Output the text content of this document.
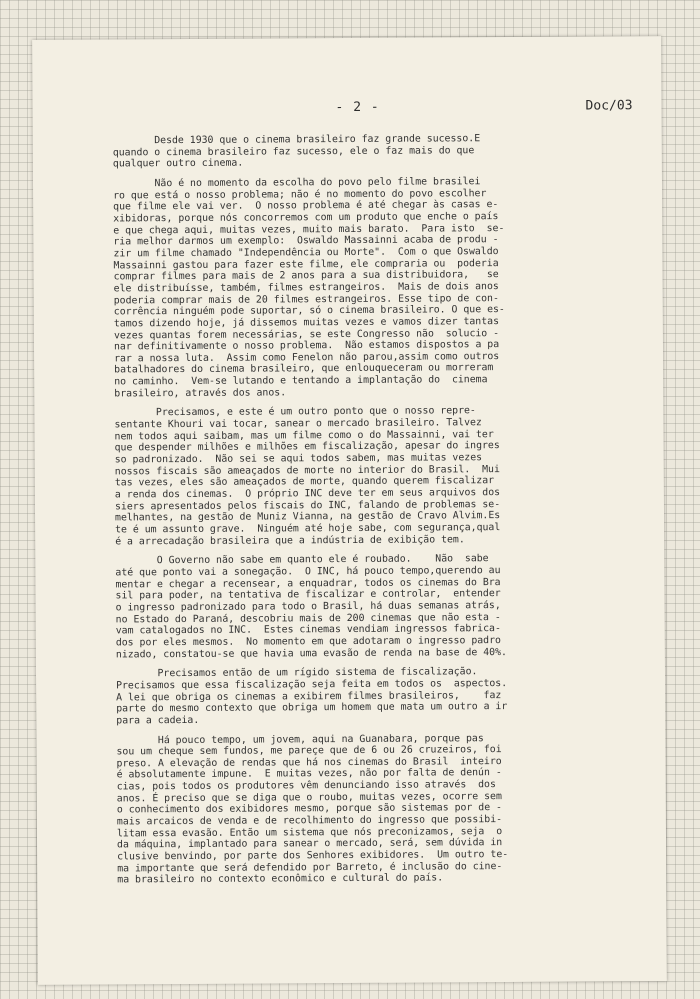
- 2 -	Doc/03
Desde 1930 que o cinema brasileiro faz grande sucesso.E
quando o cinema brasileiro faz sucesso, ele o faz mais do que
qualquer outro cinema.
Não é no momento da escolha do povo pelo filme brasilei
ro que está o nosso problema; não é no momento do povo escolher
que filme ele vai ver.  O nosso problema é até chegar às casas e-
xibidoras, porque nós concorremos com um produto que enche o país
e que chega aqui, muitas vezes, muito mais barato.  Para isto  se-
ria melhor darmos um exemplo:  Oswaldo Massainni acaba de produ -
zir um filme chamado "Independência ou Morte".  Com o que Oswaldo
Massainni gastou para fazer este filme, ele compraria ou  poderia
comprar filmes para mais de 2 anos para a sua distribuidora,   se
ele distribuísse, também, filmes estrangeiros.  Mais de dois anos
poderia comprar mais de 20 filmes estrangeiros. Esse tipo de con-
corrência ninguém pode suportar, só o cinema brasileiro. O que es-
tamos dizendo hoje, já dissemos muitas vezes e vamos dizer tantas
vezes quantas forem necessárias, se este Congresso não  solucio -
nar definitivamente o nosso problema.  Não estamos dispostos a pa
rar a nossa luta.  Assim como Fenelon não parou,assim como outros
batalhadores do cinema brasileiro, que enlouqueceram ou morreram
no caminho.  Vem-se lutando e tentando a implantação do  cinema
brasileiro, através dos anos.
Precisamos, e este é um outro ponto que o nosso repre-
sentante Khouri vai tocar, sanear o mercado brasileiro. Talvez
nem todos aqui saibam, mas um filme como o do Massainni, vai ter
que despender milhões e milhões em fiscalização, apesar do ingres
so padronizado.  Não sei se aqui todos sabem, mas muitas vezes
nossos fiscais são ameaçados de morte no interior do Brasil.  Mui
tas vezes, eles são ameaçados de morte, quando querem fiscalizar
a renda dos cinemas.  O próprio INC deve ter em seus arquivos dos
siers apresentados pelos fiscais do INC, falando de problemas se-
melhantes, na gestão de Muniz Vianna, na gestão de Cravo Alvim.Es
te é um assunto grave.  Ninguém até hoje sabe, com segurança,qual
é a arrecadação brasileira que a indústria de exibição tem.
O Governo não sabe em quanto ele é roubado.    Não  sabe
até que ponto vai a sonegação.  O INC, há pouco tempo,querendo au
mentar e chegar a recensear, a enquadrar, todos os cinemas do Bra
sil para poder, na tentativa de fiscalizar e controlar,  entender
o ingresso padronizado para todo o Brasil, há duas semanas atrás,
no Estado do Paraná, descobriu mais de 200 cinemas que não esta -
vam catalogados no INC.  Estes cinemas vendiam ingressos fabrica-
dos por eles mesmos.  No momento em que adotaram o ingresso padro
nizado, constatou-se que havia uma evasão de renda na base de 40%.
Precisamos então de um rígido sistema de fiscalização.
Precisamos que essa fiscalização seja feita em todos os  aspectos.
A lei que obriga os cinemas a exibirem filmes brasileiros,    faz
parte do mesmo contexto que obriga um homem que mata um outro a ir
para a cadeia.
Há pouco tempo, um jovem, aqui na Guanabara, porque pas
sou um cheque sem fundos, me pareçe que de 6 ou 26 cruzeiros, foi
preso. A elevação de rendas que há nos cinemas do Brasil  inteiro
é absolutamente impune.  E muitas vezes, não por falta de denún -
cias, pois todos os produtores vêm denunciando isso através  dos
anos. É preciso que se diga que o roubo, muitas vezes, ocorre sem
o conhecimento dos exibidores mesmo, porque são sistemas por de -
mais arcaicos de venda e de recolhimento do ingresso que possibi-
litam essa evasão. Então um sistema que nós preconizamos, seja  o
da máquina, implantado para sanear o mercado, será, sem dúvida in
clusive benvindo, por parte dos Senhores exibidores.  Um outro te-
ma importante que será defendido por Barreto, é inclusão do cine-
ma brasileiro no contexto econômico e cultural do país.
